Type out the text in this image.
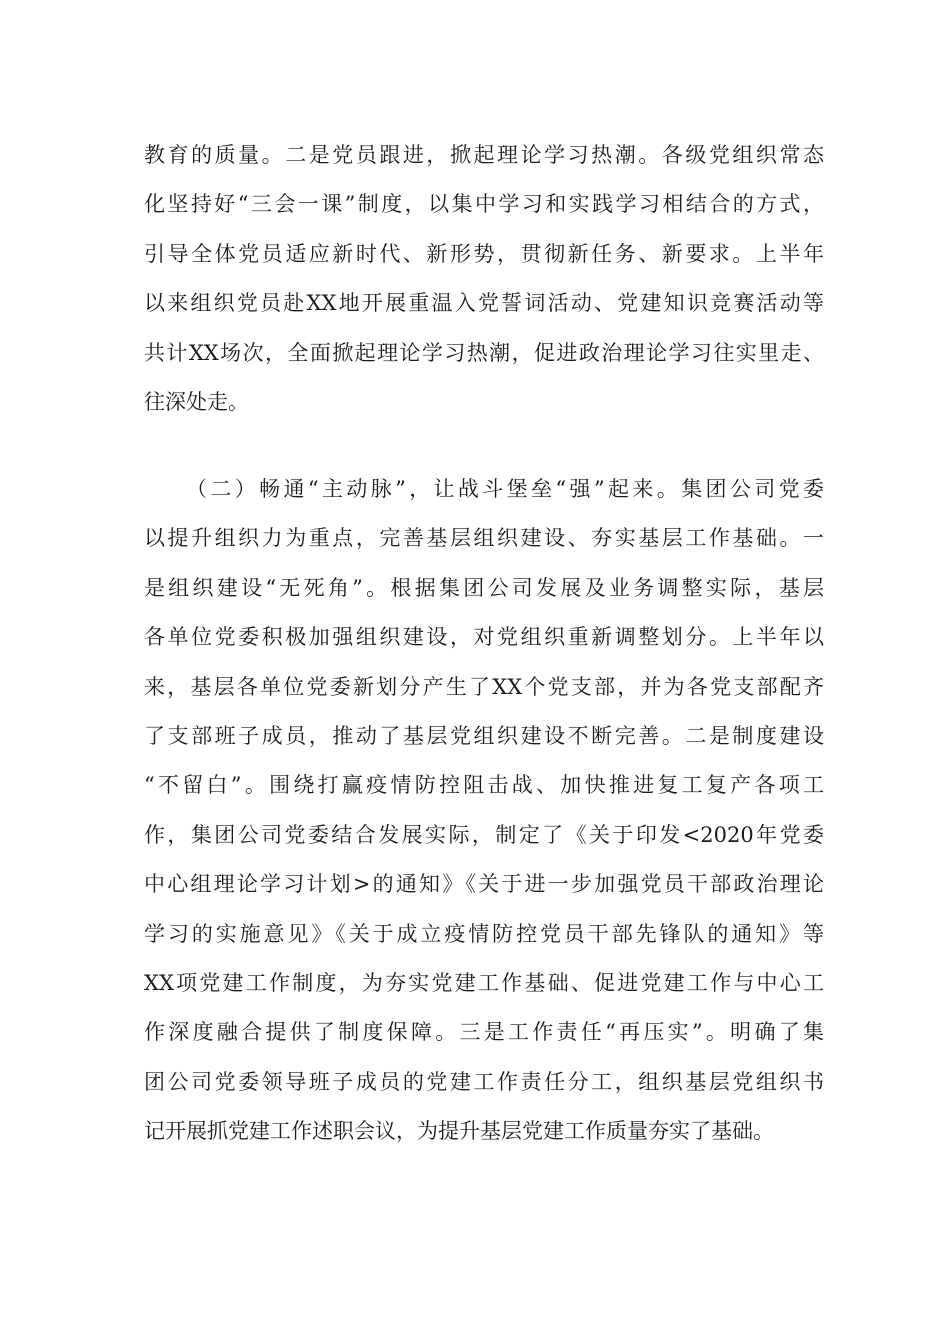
教育的质量。二是党员跟进，掀起理论学习热潮。各级党组织常态
化坚持好“三会一课”制度，以集中学习和实践学习相结合的方式，
引导全体党员适应新时代、新形势，贯彻新任务、新要求。上半年
以来组织党员赴XX地开展重温入党誓词活动、党建知识竞赛活动等
共计XX场次，全面掀起理论学习热潮，促进政治理论学习往实里走、
往深处走。
（二）畅通“主动脉”，让战斗堡垒“强”起来。集团公司党委
以提升组织力为重点，完善基层组织建设、夯实基层工作基础。一
是组织建设“无死角”。根据集团公司发展及业务调整实际，基层
各单位党委积极加强组织建设，对党组织重新调整划分。上半年以
来，基层各单位党委新划分产生了XX个党支部，并为各党支部配齐
了支部班子成员，推动了基层党组织建设不断完善。二是制度建设
“不留白”。围绕打赢疫情防控阻击战、加快推进复工复产各项工
作，集团公司党委结合发展实际，制定了《关于印发<2020年党委
中心组理论学习计划>的通知》《关于进一步加强党员干部政治理论
学习的实施意见》《关于成立疫情防控党员干部先锋队的通知》等
XX项党建工作制度，为夯实党建工作基础、促进党建工作与中心工
作深度融合提供了制度保障。三是工作责任“再压实”。明确了集
团公司党委领导班子成员的党建工作责任分工，组织基层党组织书
记开展抓党建工作述职会议，为提升基层党建工作质量夯实了基础。
